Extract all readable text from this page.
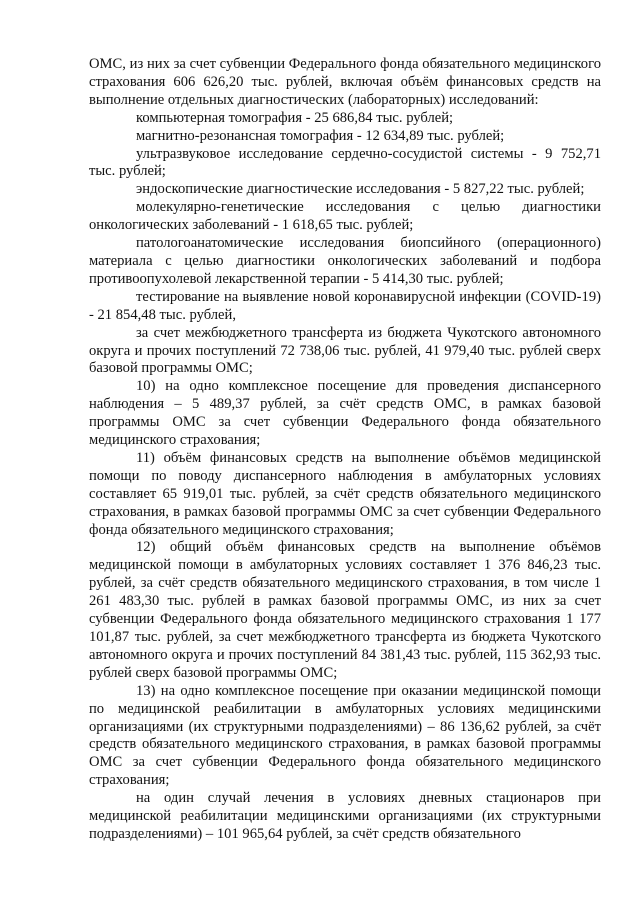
ОМС, из них за счет субвенции Федерального фонда обязательного медицинского страхования 606 626,20 тыс. рублей, включая объём финансовых средств на выполнение отдельных диагностических (лабораторных) исследований:

компьютерная томография - 25 686,84 тыс. рублей;

магнитно-резонансная томография - 12 634,89 тыс. рублей;

ультразвуковое исследование сердечно-сосудистой системы - 9 752,71 тыс. рублей;

эндоскопические диагностические исследования - 5 827,22 тыс. рублей;

молекулярно-генетические исследования с целью диагностики онкологических заболеваний - 1 618,65 тыс. рублей;

патологоанатомические исследования биопсийного (операционного) материала с целью диагностики онкологических заболеваний и подбора противоопухолевой лекарственной терапии - 5 414,30 тыс. рублей;

тестирование на выявление новой коронавирусной инфекции (COVID-19) - 21 854,48 тыс. рублей,

за счет межбюджетного трансферта из бюджета Чукотского автономного округа и прочих поступлений 72 738,06 тыс. рублей, 41 979,40 тыс. рублей сверх базовой программы ОМС;

10) на одно комплексное посещение для проведения диспансерного наблюдения – 5 489,37 рублей, за счёт средств ОМС, в рамках базовой программы ОМС за счет субвенции Федерального фонда обязательного медицинского страхования;

11) объём финансовых средств на выполнение объёмов медицинской помощи по поводу диспансерного наблюдения в амбулаторных условиях составляет 65 919,01 тыс. рублей, за счёт средств обязательного медицинского страхования, в рамках базовой программы ОМС за счет субвенции Федерального фонда обязательного медицинского страхования;

12) общий объём финансовых средств на выполнение объёмов медицинской помощи в амбулаторных условиях составляет 1 376 846,23 тыс. рублей, за счёт средств обязательного медицинского страхования, в том числе 1 261 483,30 тыс. рублей в рамках базовой программы ОМС, из них за счет субвенции Федерального фонда обязательного медицинского страхования 1 177 101,87 тыс. рублей, за счет межбюджетного трансферта из бюджета Чукотского автономного округа и прочих поступлений 84 381,43 тыс. рублей, 115 362,93 тыс. рублей сверх базовой программы ОМС;

13) на одно комплексное посещение при оказании медицинской помощи по медицинской реабилитации в амбулаторных условиях медицинскими организациями (их структурными подразделениями) – 86 136,62 рублей, за счёт средств обязательного медицинского страхования, в рамках базовой программы ОМС за счет субвенции Федерального фонда обязательного медицинского страхования;

на один случай лечения в условиях дневных стационаров при медицинской реабилитации медицинскими организациями (их структурными подразделениями) – 101 965,64 рублей, за счёт средств обязательного
